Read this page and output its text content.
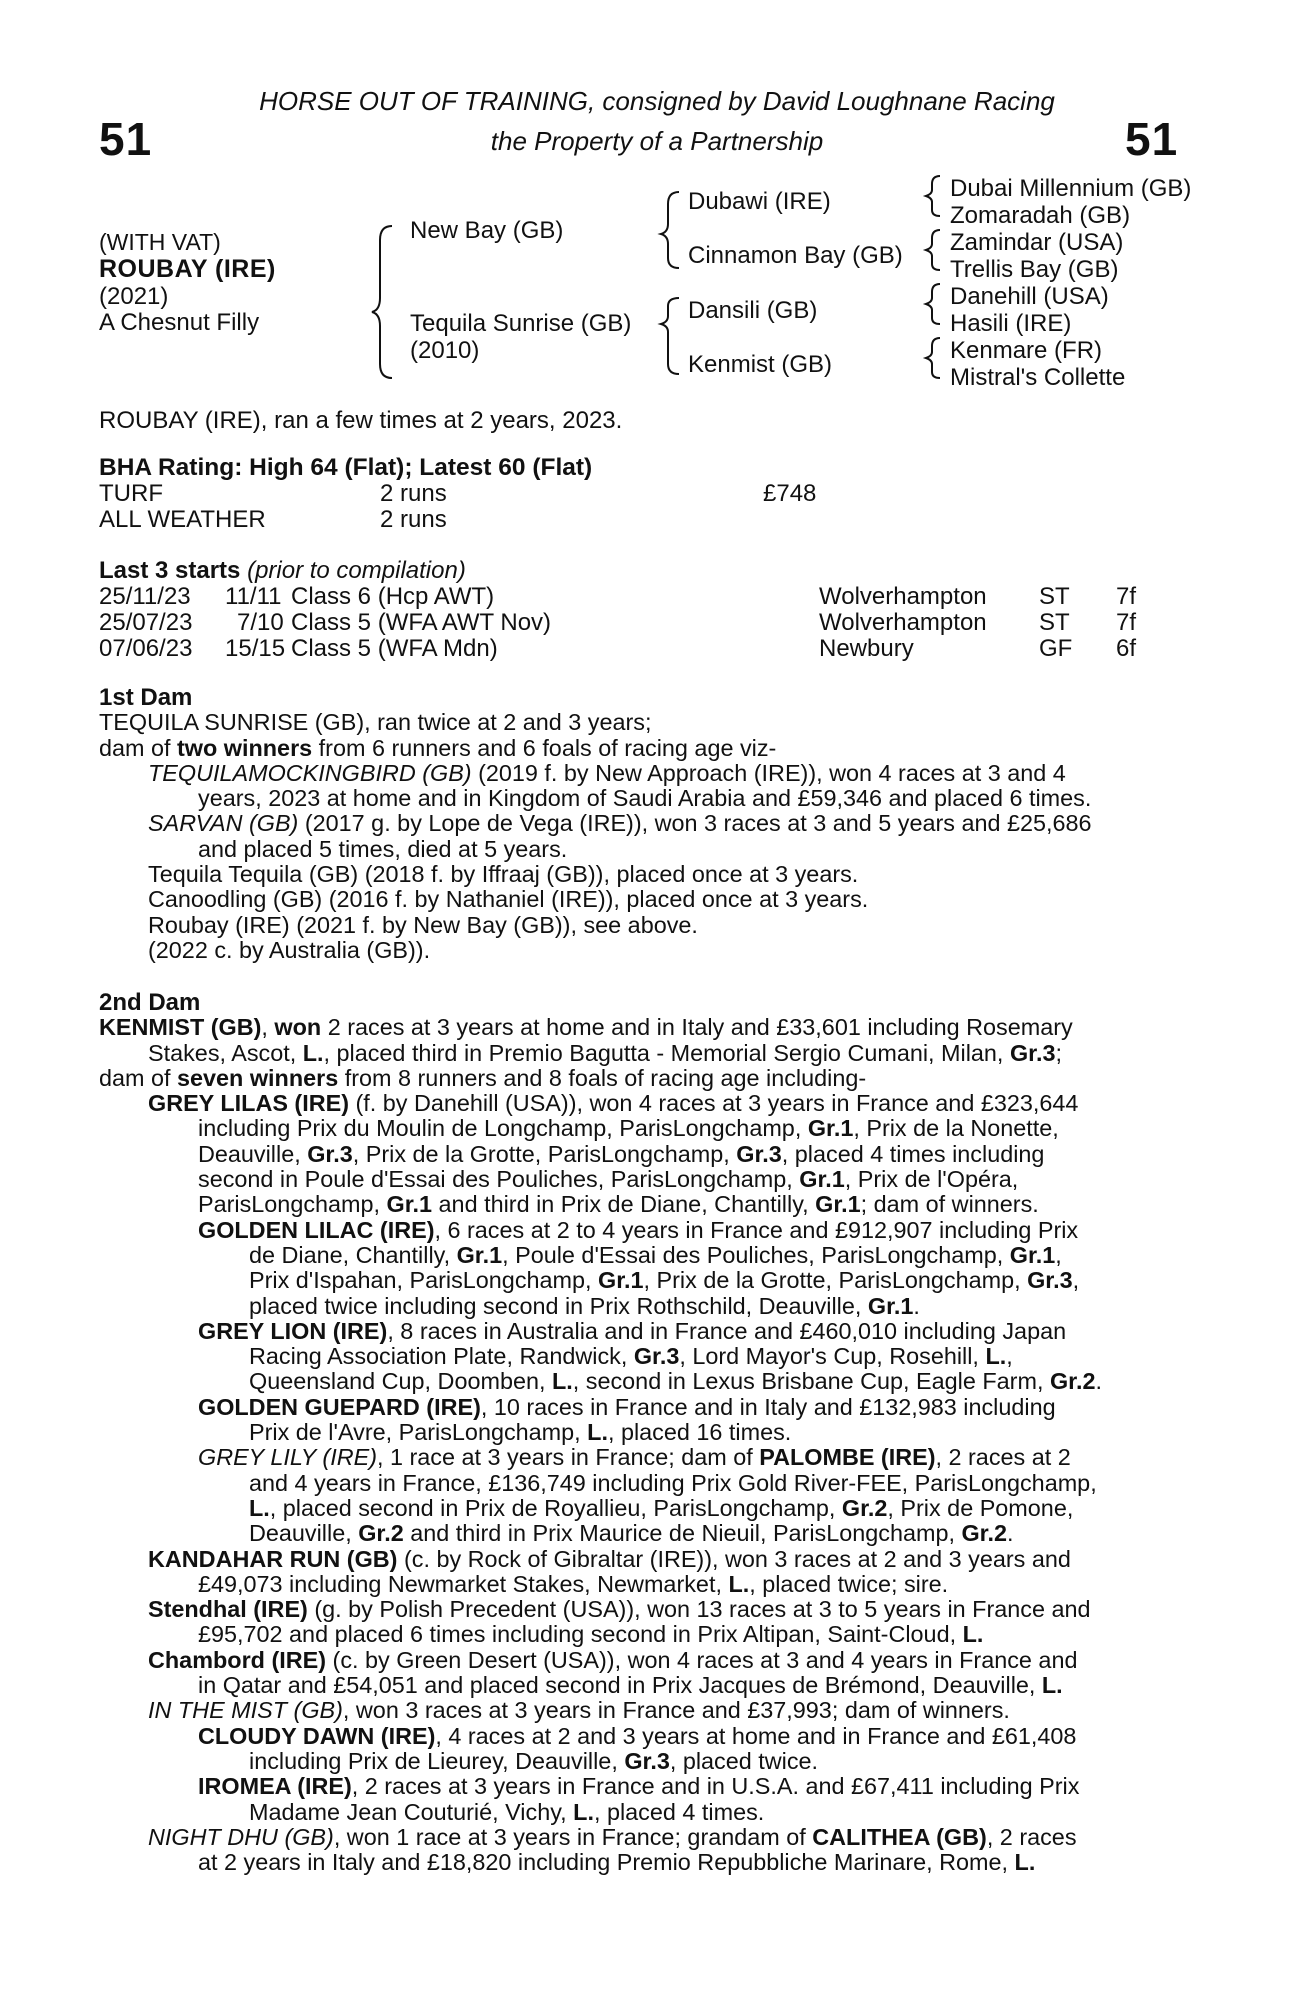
51	51
HORSE OUT OF TRAINING, consigned by David Loughnane Racing
the Property of a Partnership
(WITH VAT)
ROUBAY (IRE)
(2021)
A Chesnut Filly
New Bay (GB)
Tequila Sunrise (GB)
(2010)
Dubawi (IRE)
Cinnamon Bay (GB)
Dansili (GB)
Kenmist (GB)
Dubai Millennium (GB)
Zomaradah (GB)
Zamindar (USA)
Trellis Bay (GB)
Danehill (USA)
Hasili (IRE)
Kenmare (FR)
Mistral's Collette
ROUBAY (IRE), ran a few times at 2 years, 2023.
BHA Rating: High 64 (Flat); Latest 60 (Flat)
TURF	2 runs	£748
ALL WEATHER	2 runs
Last 3 starts (prior to compilation)
25/11/23 11/11 Class 6 (Hcp AWT)	Wolverhampton ST 7f
25/07/23 7/10 Class 5 (WFA AWT Nov)	Wolverhampton ST 7f
07/06/23 15/15 Class 5 (WFA Mdn)	Newbury	GF 6f
1st Dam
TEQUILA SUNRISE (GB), ran twice at 2 and 3 years;
dam of two winners from 6 runners and 6 foals of racing age viz-
TEQUILAMOCKINGBIRD (GB) (2019 f. by New Approach (IRE)), won 4 races at 3 and 4
years, 2023 at home and in Kingdom of Saudi Arabia and £59,346 and placed 6 times.
SARVAN (GB) (2017 g. by Lope de Vega (IRE)), won 3 races at 3 and 5 years and £25,686
and placed 5 times, died at 5 years.
Tequila Tequila (GB) (2018 f. by Iffraaj (GB)), placed once at 3 years.
Canoodling (GB) (2016 f. by Nathaniel (IRE)), placed once at 3 years.
Roubay (IRE) (2021 f. by New Bay (GB)), see above.
(2022 c. by Australia (GB)).
2nd Dam
KENMIST (GB), won 2 races at 3 years at home and in Italy and £33,601 including Rosemary
Stakes, Ascot, L., placed third in Premio Bagutta - Memorial Sergio Cumani, Milan, Gr.3;
dam of seven winners from 8 runners and 8 foals of racing age including-
GREY LILAS (IRE) (f. by Danehill (USA)), won 4 races at 3 years in France and £323,644
including Prix du Moulin de Longchamp, ParisLongchamp, Gr.1, Prix de la Nonette,
Deauville, Gr.3, Prix de la Grotte, ParisLongchamp, Gr.3, placed 4 times including
second in Poule d'Essai des Pouliches, ParisLongchamp, Gr.1, Prix de l'Opéra,
ParisLongchamp, Gr.1 and third in Prix de Diane, Chantilly, Gr.1; dam of winners.
GOLDEN LILAC (IRE), 6 races at 2 to 4 years in France and £912,907 including Prix
de Diane, Chantilly, Gr.1, Poule d'Essai des Pouliches, ParisLongchamp, Gr.1,
Prix d'Ispahan, ParisLongchamp, Gr.1, Prix de la Grotte, ParisLongchamp, Gr.3,
placed twice including second in Prix Rothschild, Deauville, Gr.1.
GREY LION (IRE), 8 races in Australia and in France and £460,010 including Japan
Racing Association Plate, Randwick, Gr.3, Lord Mayor's Cup, Rosehill, L.,
Queensland Cup, Doomben, L., second in Lexus Brisbane Cup, Eagle Farm, Gr.2.
GOLDEN GUEPARD (IRE), 10 races in France and in Italy and £132,983 including
Prix de l'Avre, ParisLongchamp, L., placed 16 times.
GREY LILY (IRE), 1 race at 3 years in France; dam of PALOMBE (IRE), 2 races at 2
and 4 years in France, £136,749 including Prix Gold River-FEE, ParisLongchamp,
L., placed second in Prix de Royallieu, ParisLongchamp, Gr.2, Prix de Pomone,
Deauville, Gr.2 and third in Prix Maurice de Nieuil, ParisLongchamp, Gr.2.
KANDAHAR RUN (GB) (c. by Rock of Gibraltar (IRE)), won 3 races at 2 and 3 years and
£49,073 including Newmarket Stakes, Newmarket, L., placed twice; sire.
Stendhal (IRE) (g. by Polish Precedent (USA)), won 13 races at 3 to 5 years in France and
£95,702 and placed 6 times including second in Prix Altipan, Saint-Cloud, L.
Chambord (IRE) (c. by Green Desert (USA)), won 4 races at 3 and 4 years in France and
in Qatar and £54,051 and placed second in Prix Jacques de Brémond, Deauville, L.
IN THE MIST (GB), won 3 races at 3 years in France and £37,993; dam of winners.
CLOUDY DAWN (IRE), 4 races at 2 and 3 years at home and in France and £61,408
including Prix de Lieurey, Deauville, Gr.3, placed twice.
IROMEA (IRE), 2 races at 3 years in France and in U.S.A. and £67,411 including Prix
Madame Jean Couturié, Vichy, L., placed 4 times.
NIGHT DHU (GB), won 1 race at 3 years in France; grandam of CALITHEA (GB), 2 races
at 2 years in Italy and £18,820 including Premio Repubbliche Marinare, Rome, L.
